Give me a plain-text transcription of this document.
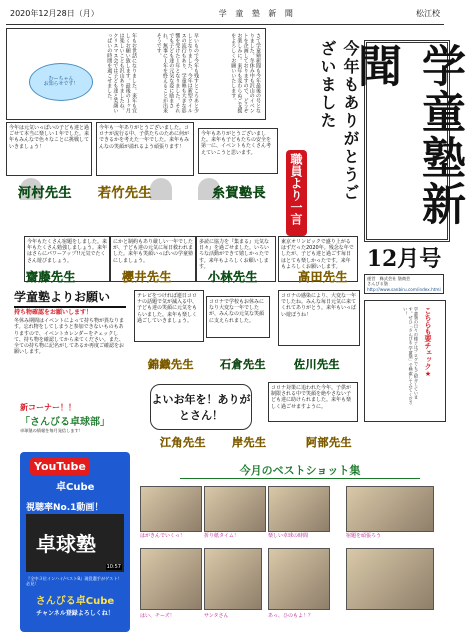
2020年12月28日（月）	学 童 塾 新 聞	松江校
むーちゃん
お知らせです！	年もお世話になりました。来年も宜しくお願い致します。最後の１ヶ月は楽しいことも沢山ありましたね。クリスマス会では子ども達と笑顔いっぱいの時間を過ごせました。	早いもので今年も残すところあと少しとなりました。今年は新型ウイルスの流行もあり、学童塾も大きな影響を受けた１年となりました。それでも子ども達の元気な姿に励まされ、無事に１年を終えることが出来そうです。	さて学童塾新聞も今年最後の号となりました。冬休み中も沢山のイベントを企画しておりますので、どうぞお楽しみに。来年も変わらぬご支援をよろしくお願いいたします。	今年もありがとうございました
職員より一言	学童塾新聞
12月号
今年は元気いっぱいの子ども達と過ごせて本当に楽しい１年でした。来年もみんなで色々なことに挑戦していきましょう！
今年も一年ありがとうございました。コロナが流行る中、子供たちのために何ができるかを考えた一年でした。来年もみんなの笑顔が溢れるよう頑張ります！
今年もありがとうございました。来年も子どもたちの安全を第一に、イベントもたくさん考えていこうと思います。
河村先生 若竹先生	糸賀塾長
今年もたくさん宿題をしました。来年もたくさん勉強しましょう。来年はさらにパワーアップ!!元気でたくさん遊びましょう。
にかと制約もあり厳しい一年でしたが、子ども達の元気に毎日救われました。来年も笑顔いっぱいの学童塾にしましょう。
多読に協力を『集まる』元気な日々』を過ごせました。いろいろな活動ができて嬉しかったです。来年もよろしくお願いします。
東京オリンピックで盛り上がるはずだった2020年。残念な年でしたが、子ども達と過ごす毎日はとても楽しかったです。来年もよろしくお願いします。
齋藤先生	櫻井先生	小林先生	高田先生
学童塾よりお願い
持ち物確認をお願いします！
冬休み期間はイベントによって持ち物が異なります。忘れ物をしてしまうと参加できないものもありますので、イベントカレンダーをチェックして、持ち物を確認してから来てください。また、全ての持ち物に記名がしてあるか再度ご確認をお願いします。
テレビをつければ連日コロナの話題で気が滅入る中、子ども達の笑顔に元気をもらいました。来年も楽しく過ごしていきましょう。
コロナで学校もお休みになり大変な一年でしたが、みんなの元気な笑顔に支えられました。
コロナの感染により、大変な一年でしたね。みんな毎日元気に来てくれてありがとう。来年もいっぱい遊ぼうね！
錦織先生 石倉先生	佐川先生
運営　株式会社 塾商会
さんびる塾
http://www.sanbiru.com/index.html
こちらも要チェック★
学童塾の日々の様子はブログでもご紹介しています。ぜひ「さんびる 学童塾」で検索してみてください！
新コーナー！！
「さんびる卓球部」
卓球塾の情報を毎月発信します！
YouTube
卓Cube
視聴率No.1動画！
卓球塾
10:57
『全中３位インハイ/ベスト8』現役選手がゲスト！必見！
さんびる卓Cube
チャンネル登録よろしくね！
よいお年を！ありがとさん！
コロナ対策に追われた今年。子供が制限される中で笑顔を絶やさない子ども達に助けられました。来年も楽しく過ごせますように。
江角先生 岸先生	阿部先生
今月のベストショット集
はがきんでいくっ！	折り紙タイム！	楽しい卓球の時間	宿題を頑張ろう
はい、チーズ！	サンタさん	あっ、ひのもよ！？
